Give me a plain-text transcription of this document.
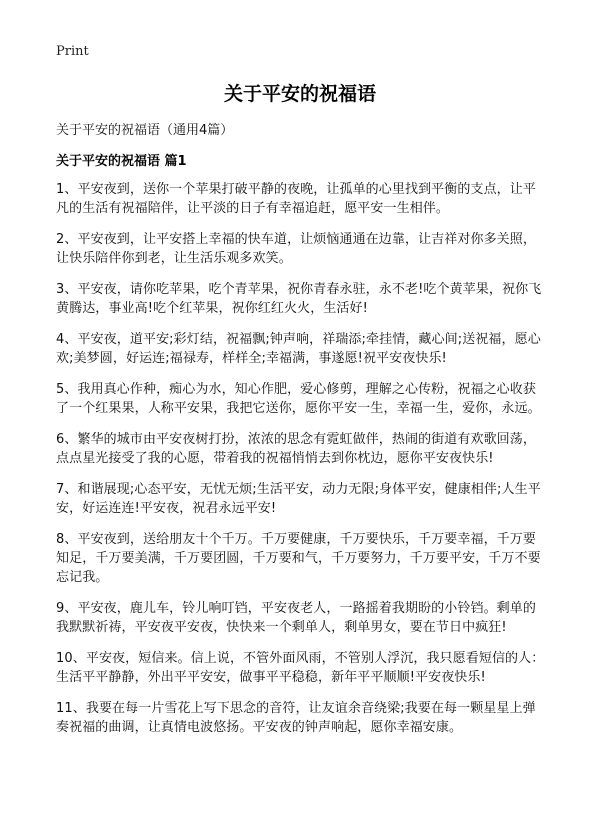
Print
关于平安的祝福语

关于平安的祝福语（通用4篇）

关于平安的祝福语 篇1
1、平安夜到，送你一个苹果打破平静的夜晚，让孤单的心里找到平衡的支点，让平凡的生活有祝福陪伴，让平淡的日子有幸福追赶，愿平安一生相伴。
2、平安夜到，让平安搭上幸福的快车道，让烦恼通通在边靠，让吉祥对你多关照，让快乐陪伴你到老，让生活乐观多欢笑。
3、平安夜，请你吃苹果，吃个青苹果，祝你青春永驻，永不老!吃个黄苹果，祝你飞黄腾达，事业高!吃个红苹果，祝你红红火火，生活好!
4、平安夜，道平安;彩灯结，祝福飘;钟声响，祥瑞添;牵挂情，藏心间;送祝福，愿心欢;美梦圆，好运连;福禄寿，样样全;幸福满，事遂愿!祝平安夜快乐!
5、我用真心作种，痴心为水，知心作肥，爱心修剪，理解之心传粉，祝福之心收获了一个红果果，人称平安果，我把它送你，愿你平安一生，幸福一生，爱你，永远。
6、繁华的城市由平安夜树打扮，浓浓的思念有霓虹做伴，热闹的街道有欢歌回荡，点点星光接受了我的心愿，带着我的祝福悄悄去到你枕边，愿你平安夜快乐!
7、和谐展现;心态平安，无忧无烦;生活平安，动力无限;身体平安，健康相伴;人生平安，好运连连!平安夜，祝君永远平安!
8、平安夜到，送给朋友十个千万。千万要健康，千万要快乐，千万要幸福，千万要知足，千万要美满，千万要团圆，千万要和气，千万要努力，千万要平安，千万不要忘记我。
9、平安夜，鹿儿车，铃儿响叮铛，平安夜老人，一路摇着我期盼的小铃铛。剩单的我默默祈祷，平安夜平安夜，快快来一个剩单人，剩单男女，要在节日中疯狂!
10、平安夜，短信来。信上说，不管外面风雨，不管别人浮沉，我只愿看短信的人：生活平平静静，外出平平安安，做事平平稳稳，新年平平顺顺!平安夜快乐!
11、我要在每一片雪花上写下思念的音符，让友谊余音绕梁;我要在每一颗星星上弹奏祝福的曲调，让真情电波悠扬。平安夜的钟声响起，愿你幸福安康。
